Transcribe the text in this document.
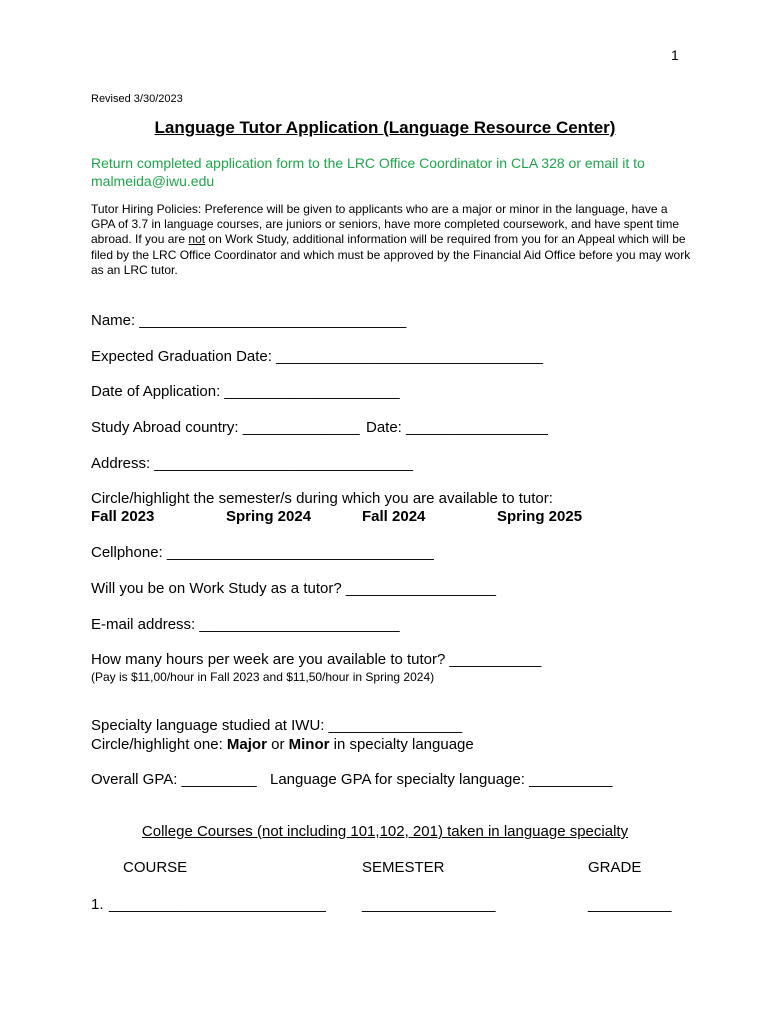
1
Revised 3/30/2023
Language Tutor Application (Language Resource Center)
Return completed application form to the LRC Office Coordinator in CLA 328 or email it to
malmeida@iwu.edu
Tutor Hiring Policies: Preference will be given to applicants who are a major or minor in the language, have a GPA of 3.7 in language courses, are juniors or seniors, have more completed coursework, and have spent time abroad. If you are not on Work Study, additional information will be required from you for an Appeal which will be filed by the LRC Office Coordinator and which must be approved by the Financial Aid Office before you may work as an LRC tutor.
Name: ________________________________
Expected Graduation Date: ________________________________
Date of Application: _____________________
Study Abroad country: ______________ Date: _________________
Address: _______________________________
Circle/highlight the semester/s during which you are available to tutor:
Fall 2023	Spring 2024	Fall 2024	Spring 2025
Cellphone: ________________________________
Will you be on Work Study as a tutor? __________________
E-mail address: ________________________
How many hours per week are you available to tutor? ___________
(Pay is $11,00/hour in Fall 2023 and $11,50/hour in Spring 2024)
Specialty language studied at IWU: ________________
Circle/highlight one: Major or Minor in specialty language
Overall GPA: _________ Language GPA for specialty language: __________
College Courses (not including 101,102, 201) taken in language specialty
COURSE	SEMESTER	GRADE
1. __________________________ ________________	__________
